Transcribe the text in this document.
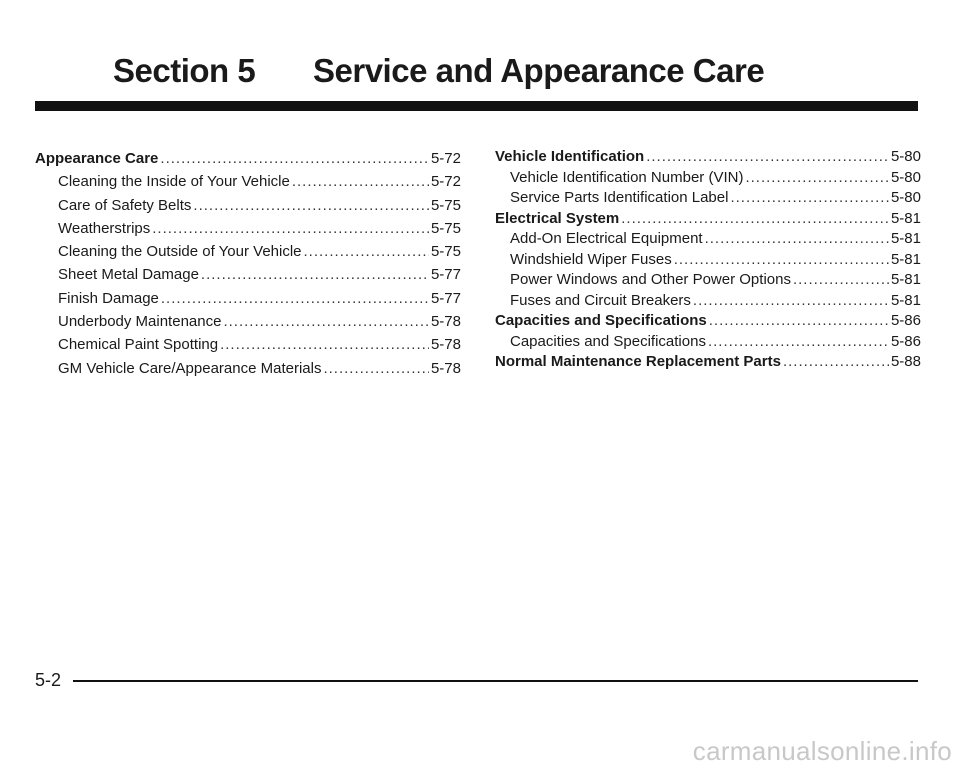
Section 5 Service and Appearance Care
Appearance Care .....	5-72
Cleaning the Inside of Your Vehicle .....	5-72
Care of Safety Belts .....	5-75
Weatherstrips .....	5-75
Cleaning the Outside of Your Vehicle .....	5-75
Sheet Metal Damage .....	5-77
Finish Damage .....	5-77
Underbody Maintenance .....	5-78
Chemical Paint Spotting .....	5-78
GM Vehicle Care/Appearance Materials .....	5-78
Vehicle Identification .....	5-80
Vehicle Identification Number (VIN) .....	5-80
Service Parts Identification Label .....	5-80
Electrical System .....	5-81
Add-On Electrical Equipment .....	5-81
Windshield Wiper Fuses .....	5-81
Power Windows and Other Power Options .....	5-81
Fuses and Circuit Breakers .....	5-81
Capacities and Specifications .....	5-86
Capacities and Specifications .....	5-86
Normal Maintenance Replacement Parts .....	5-88
5-2
carmanualsonline.info
